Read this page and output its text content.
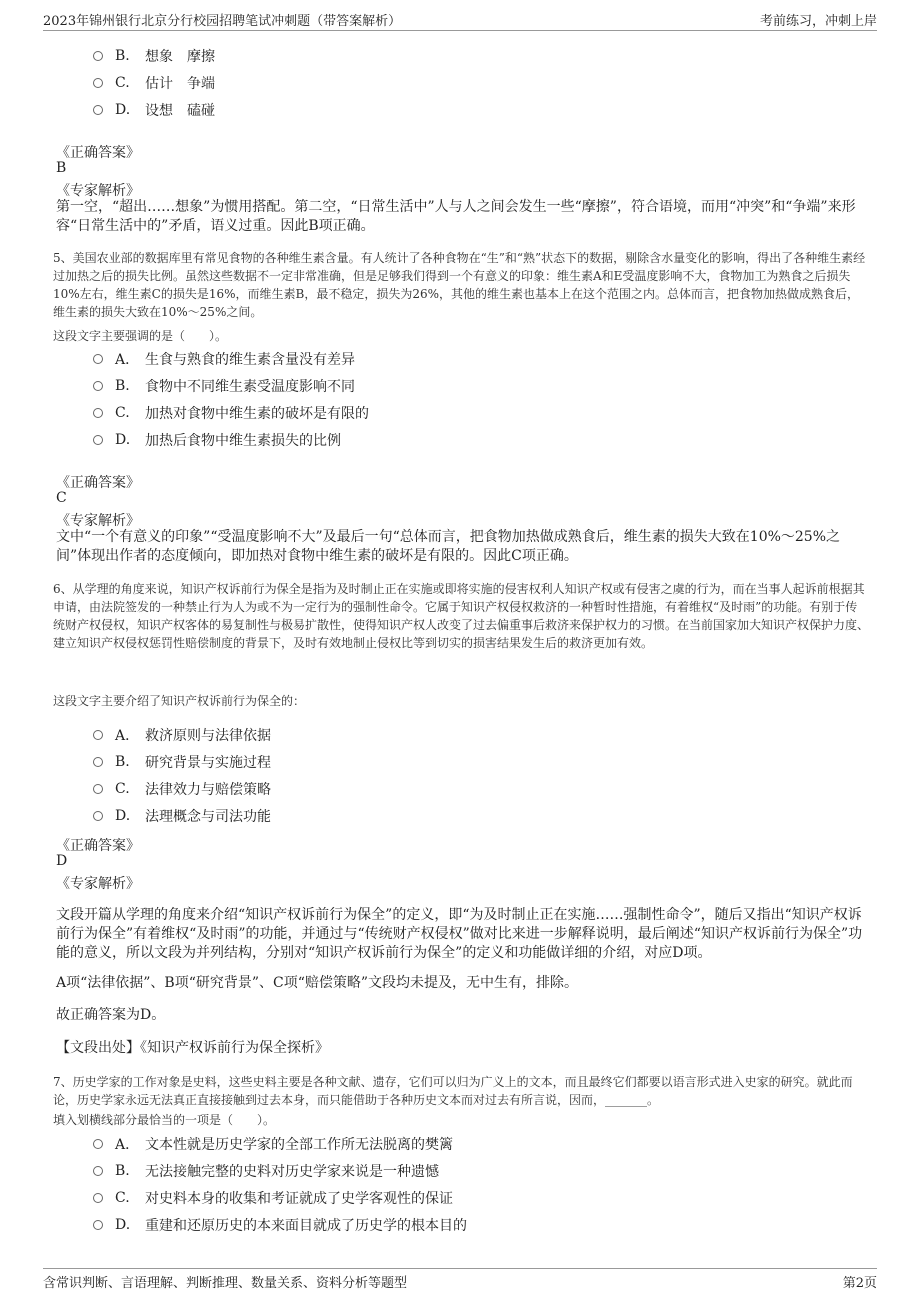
2023年锦州银行北京分行校园招聘笔试冲刺题（带答案解析）	考前练习，冲刺上岸
B.	想象　摩擦
C.	估计　争端
D.	设想　磕碰
《正确答案》
B
《专家解析》
第一空，“超出……想象”为惯用搭配。第二空，“日常生活中”人与人之间会发生一些“摩擦”，符合语境，而用“冲突”和“争端”来形容“日常生活中的”矛盾，语义过重。因此B项正确。
5、美国农业部的数据库里有常见食物的各种维生素含量。有人统计了各种食物在“生”和“熟”状态下的数据，剔除含水量变化的影响，得出了各种维生素经过加热之后的损失比例。虽然这些数据不一定非常准确，但是足够我们得到一个有意义的印象：维生素A和E受温度影响不大，食物加工为熟食之后损失10%左右，维生素C的损失是16%，而维生素B，最不稳定，损失为26%，其他的维生素也基本上在这个范围之内。总体而言，把食物加热做成熟食后，维生素的损失大致在10%～25%之间。
这段文字主要强调的是（　　）。
A． 生食与熟食的维生素含量没有差异
B.	食物中不同维生素受温度影响不同
C.	加热对食物中维生素的破坏是有限的
D.	加热后食物中维生素损失的比例
《正确答案》
C
《专家解析》
文中“一个有意义的印象”“受温度影响不大”及最后一句“总体而言，把食物加热做成熟食后，维生素的损失大致在10%～25%之间”体现出作者的态度倾向，即加热对食物中维生素的破坏是有限的。因此C项正确。
6、从学理的角度来说，知识产权诉前行为保全是指为及时制止正在实施或即将实施的侵害权利人知识产权或有侵害之虞的行为，而在当事人起诉前根据其申请，由法院签发的一种禁止行为人为或不为一定行为的强制性命令。它属于知识产权侵权救济的一种暂时性措施，有着维权“及时雨”的功能。有别于传统财产权侵权，知识产权客体的易复制性与极易扩散性，使得知识产权人改变了过去偏重事后救济来保护权力的习惯。在当前国家加大知识产权保护力度、建立知识产权侵权惩罚性赔偿制度的背景下，及时有效地制止侵权比等到切实的损害结果发生后的救济更加有效。
这段文字主要介绍了知识产权诉前行为保全的：
A． 救济原则与法律依据
B.	研究背景与实施过程
C.	法律效力与赔偿策略
D.	法理概念与司法功能
《正确答案》
D
《专家解析》
文段开篇从学理的角度来介绍“知识产权诉前行为保全”的定义，即“为及时制止正在实施……强制性命令”，随后又指出“知识产权诉前行为保全”有着维权“及时雨”的功能，并通过与“传统财产权侵权”做对比来进一步解释说明，最后阐述“知识产权诉前行为保全”功能的意义，所以文段为并列结构，分别对“知识产权诉前行为保全”的定义和功能做详细的介绍，对应D项。
A项“法律依据”、B项“研究背景”、C项“赔偿策略”文段均未提及，无中生有，排除。
故正确答案为D。
【文段出处】《知识产权诉前行为保全探析》
7、历史学家的工作对象是史料，这些史料主要是各种文献、遗存，它们可以归为广义上的文本，而且最终它们都要以语言形式进入史家的研究。就此而论，历史学家永远无法真正直接接触到过去本身，而只能借助于各种历史文本而对过去有所言说，因而，_______。
填入划横线部分最恰当的一项是（　　）。
A． 文本性就是历史学家的全部工作所无法脱离的樊篱
B.	无法接触完整的史料对历史学家来说是一种遗憾
C.	对史料本身的收集和考证就成了史学客观性的保证
D.	重建和还原历史的本来面目就成了历史学的根本目的
含常识判断、言语理解、判断推理、数量关系、资料分析等题型	第2页
